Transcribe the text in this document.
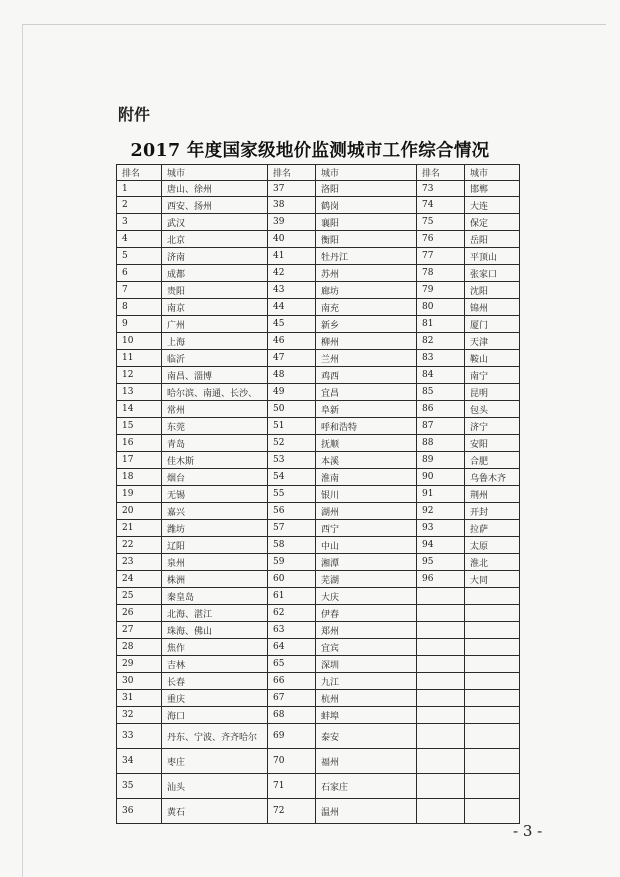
附件
2017 年度国家级地价监测城市工作综合情况
排名	城市	排名	城市	排名	城市
1	唐山、徐州	37	洛阳	73	邯郸
2	西安、扬州	38	鹤岗	74	大连
3	武汉	39	襄阳	75	保定
4	北京	40	衡阳	76	岳阳
5	济南	41	牡丹江	77	平顶山
6	成都	42	苏州	78	张家口
7	贵阳	43	廊坊	79	沈阳
8	南京	44	南充	80	锦州
9	广州	45	新乡	81	厦门
10	上海	46	柳州	82	天津
11	临沂	47	兰州	83	鞍山
12	南昌、淄博	48	鸡西	84	南宁
13	哈尔滨、南通、长沙、	49	宜昌	85	昆明
14	常州	50	阜新	86	包头
15	东莞	51	呼和浩特	87	济宁
16	青岛	52	抚顺	88	安阳
17	佳木斯	53	本溪	89	合肥
18	烟台	54	淮南	90	乌鲁木齐
19	无锡	55	银川	91	荆州
20	嘉兴	56	湖州	92	开封
21	潍坊	57	西宁	93	拉萨
22	辽阳	58	中山	94	太原
23	泉州	59	湘潭	95	淮北
24	株洲	60	芜湖	96	大同
25	秦皇岛	61	大庆		
26	北海、湛江	62	伊春		
27	珠海、佛山	63	郑州		
28	焦作	64	宜宾		
29	吉林	65	深圳		
30	长春	66	九江		
31	重庆	67	杭州		
32	海口	68	蚌埠		
33	丹东、宁波、齐齐哈尔	69	泰安		
34	枣庄	70	福州		
35	汕头	71	石家庄		
36	黄石	72	温州		
- 3 -
